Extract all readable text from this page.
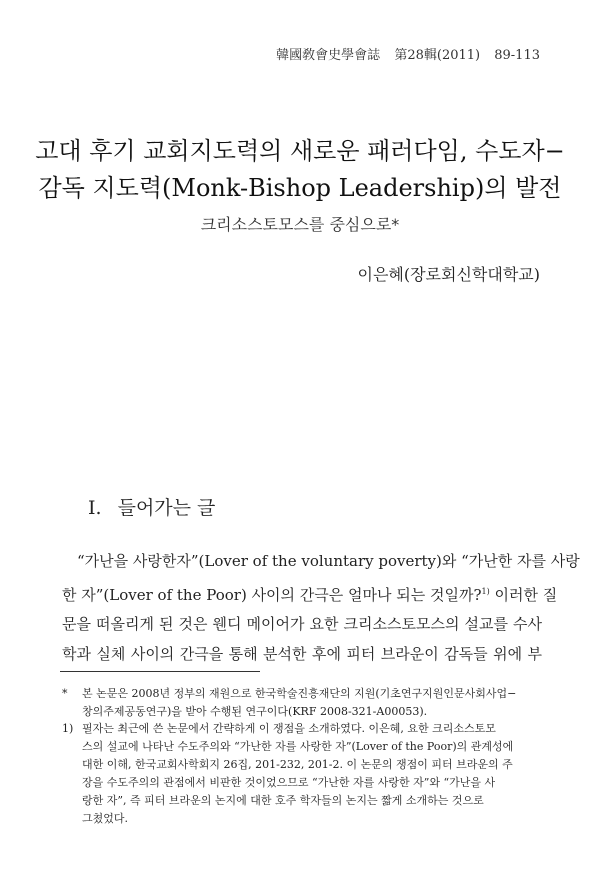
韓國敎會史學會誌 第28輯(2011) 89-113
고대 후기 교회지도력의 새로운 패러다임, 수도자−
감독 지도력(Monk-Bishop Leadership)의 발전
크리소스토모스를 중심으로*
이은혜(장로회신학대학교)
Ⅰ. 들어가는 글
“가난을 사랑한자”(Lover of the voluntary poverty)와 “가난한 자를 사랑
한 자”(Lover of the Poor) 사이의 간극은 얼마나 되는 것일까?$^{1)}$ 이러한 질
문을 떠올리게 된 것은 웬디 메이어가 요한 크리소스토모스의 설교를 수사
학과 실체 사이의 간극을 통해 분석한 후에 피터 브라운이 감독들 위에 부
*	본 논문은 2008년 정부의 재원으로 한국학술진흥재단의 지원(기초연구지원인문사회사업−
창의주제공동연구)을 받아 수행된 연구이다(KRF 2008-321-A00053).
1) 필자는 최근에 쓴 논문에서 간략하게 이 쟁점을 소개하였다. 이은혜, 요한 크리소스토모
스의 설교에 나타난 수도주의와 “가난한 자를 사랑한 자”(Lover of the Poor)의 관계성에
대한 이해, 한국교회사학회지 26집, 201-232, 201-2. 이 논문의 쟁점이 피터 브라운의 주
장을 수도주의의 관점에서 비판한 것이었으므로 “가난한 자를 사랑한 자”와 “가난을 사
랑한 자”, 즉 피터 브라운의 논지에 대한 호주 학자들의 논지는 짧게 소개하는 것으로
그쳤었다.
